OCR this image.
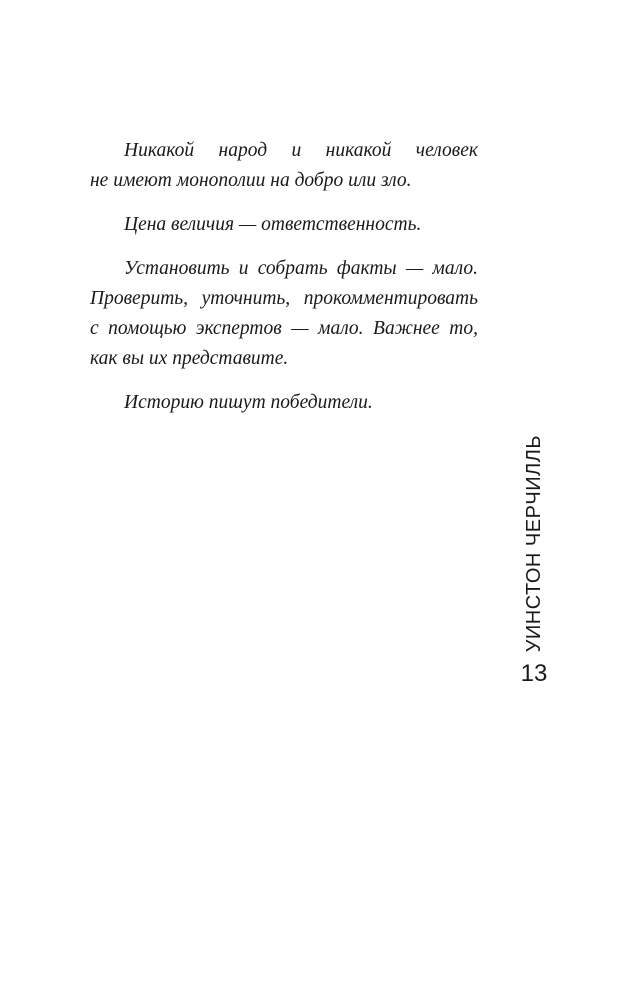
Никакой народ и никакой человек
не имеют монополии на добро или зло.

Цена величия — ответственность.

Установить и собрать факты — мало.
Проверить, уточнить, прокомментировать
с помощью экспертов — мало. Важнее то,
как вы их представите.

Историю пишут победители.

УИНСТОН ЧЕРЧИЛЛЬ
13
